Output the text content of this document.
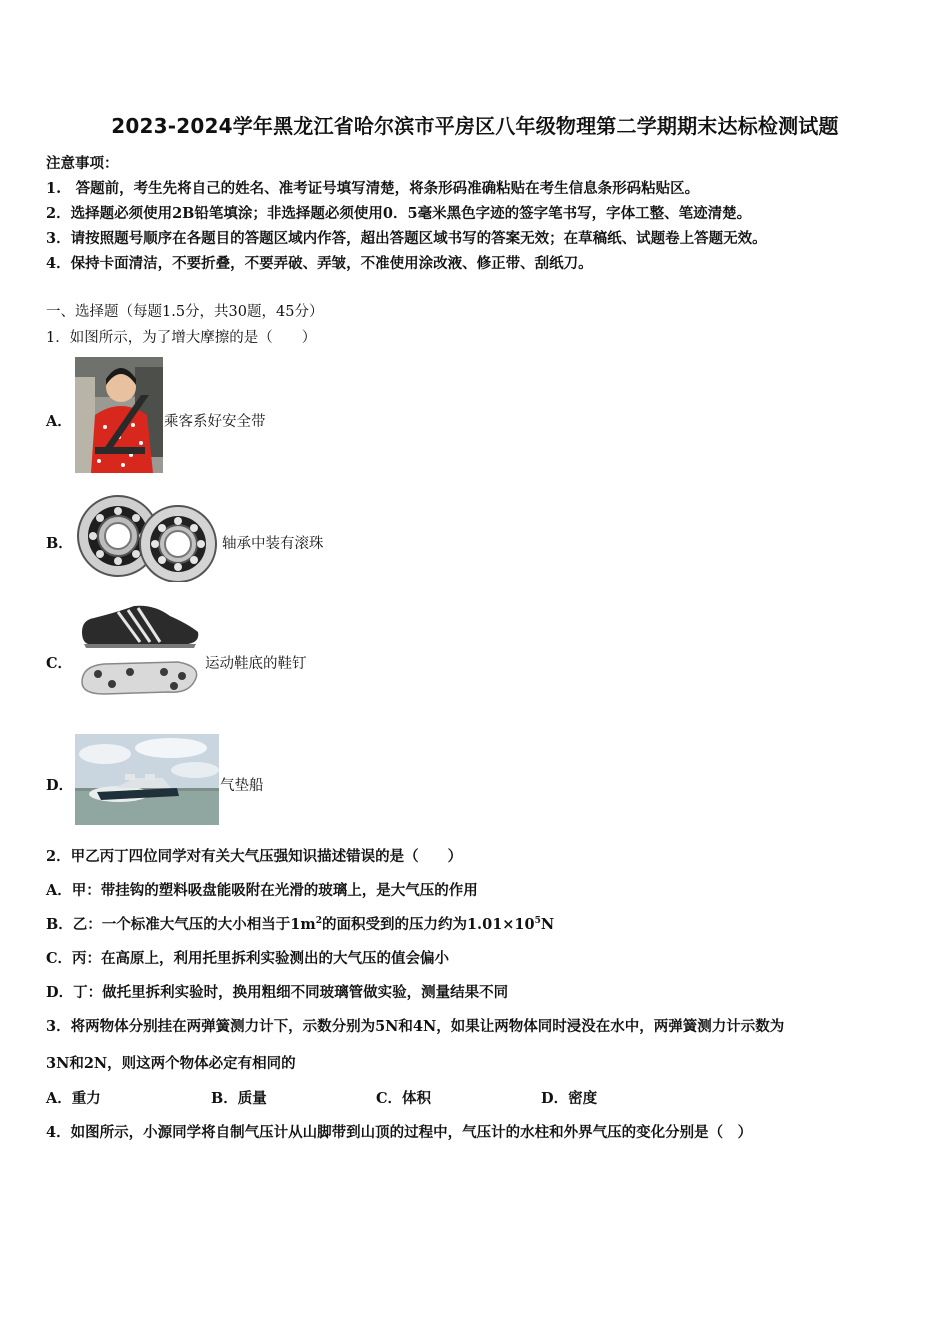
2023-2024学年黑龙江省哈尔滨市平房区八年级物理第二学期期末达标检测试题
注意事项：
1.　答题前，考生先将自己的姓名、准考证号填写清楚，将条形码准确粘贴在考生信息条形码粘贴区。
2．选择题必须使用2B铅笔填涂；非选择题必须使用0．5毫米黑色字迹的签字笔书写，字体工整、笔迹清楚。
3．请按照题号顺序在各题目的答题区域内作答，超出答题区域书写的答案无效；在草稿纸、试题卷上答题无效。
4．保持卡面清洁，不要折叠，不要弄破、弄皱，不准使用涂改液、修正带、刮纸刀。
一、选择题（每题1.5分，共30题，45分）
1．如图所示，为了增大摩擦的是（　　）
A．	乘客系好安全带
B．	轴承中装有滚珠
C．	运动鞋底的鞋钉
D．	气垫船
2．甲乙丙丁四位同学对有关大气压强知识描述错误的是（　　）
A．甲：带挂钩的塑料吸盘能吸附在光滑的玻璃上，是大气压的作用
B．乙：一个标准大气压的大小相当于$1m^2$的面积受到的压力约为$1.01\times 10^5N$
C．丙：在高原上，利用托里拆利实验测出的大气压的值会偏小
D．丁：做托里拆利实验时，换用粗细不同玻璃管做实验，测量结果不同
3．将两物体分别挂在两弹簧测力计下，示数分别为5N和4N，如果让两物体同时浸没在水中，两弹簧测力计示数为
3N和2N，则这两个物体必定有相同的
A．重力	B．质量	C．体积	D．密度
4．如图所示，小源同学将自制气压计从山脚带到山顶的过程中，气压计的水柱和外界气压的变化分别是（　）
